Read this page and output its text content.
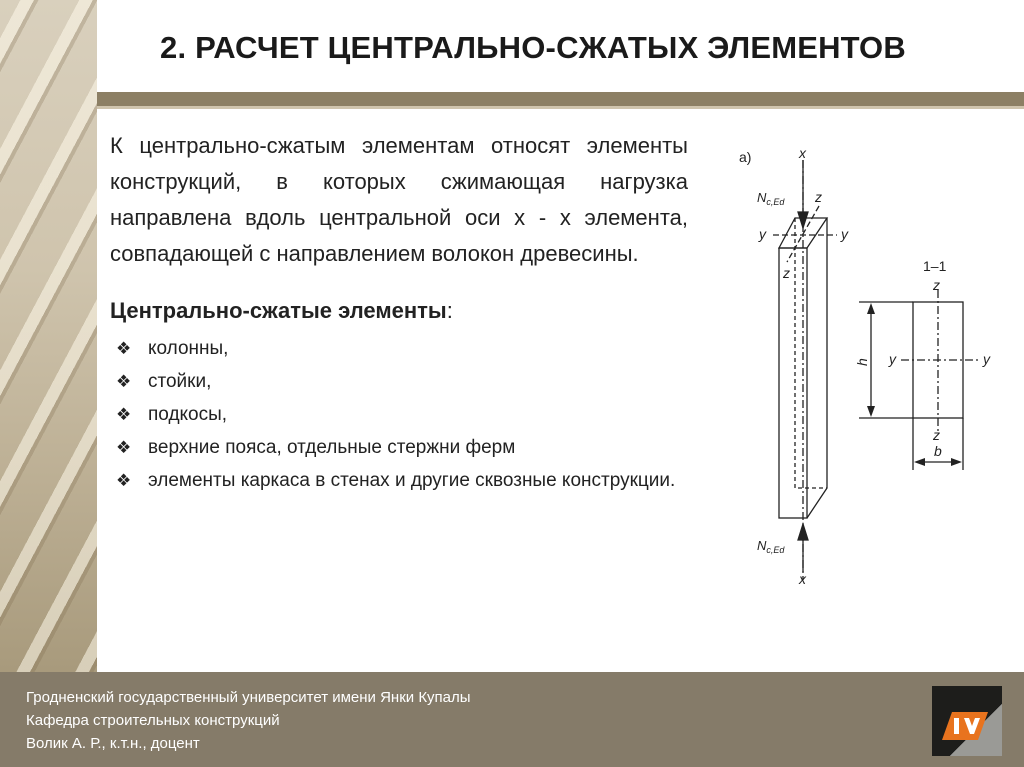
2. РАСЧЕТ ЦЕНТРАЛЬНО-СЖАТЫХ ЭЛЕМЕНТОВ

К центрально-сжатым элементам относят элементы конструкций, в которых сжимающая нагрузка направлена вдоль центральной оси х - х элемента, совпадающей с направлением волокон древесины.

Центрально-сжатые элементы:
❖ колонны,
❖ стойки,
❖ подкосы,
❖ верхние пояса, отдельные стержни ферм
❖ элементы каркаса в стенах и другие сквозные конструкции.
а)	x
$N_{c,Ed}$ z
y	y
z
$N_{c,Ed}$
x
1–1
z
y	y
z
h
b
Гродненский государственный университет имени Янки Купалы
Кафедра строительных конструкций
Волик А. Р., к.т.н., доцент
